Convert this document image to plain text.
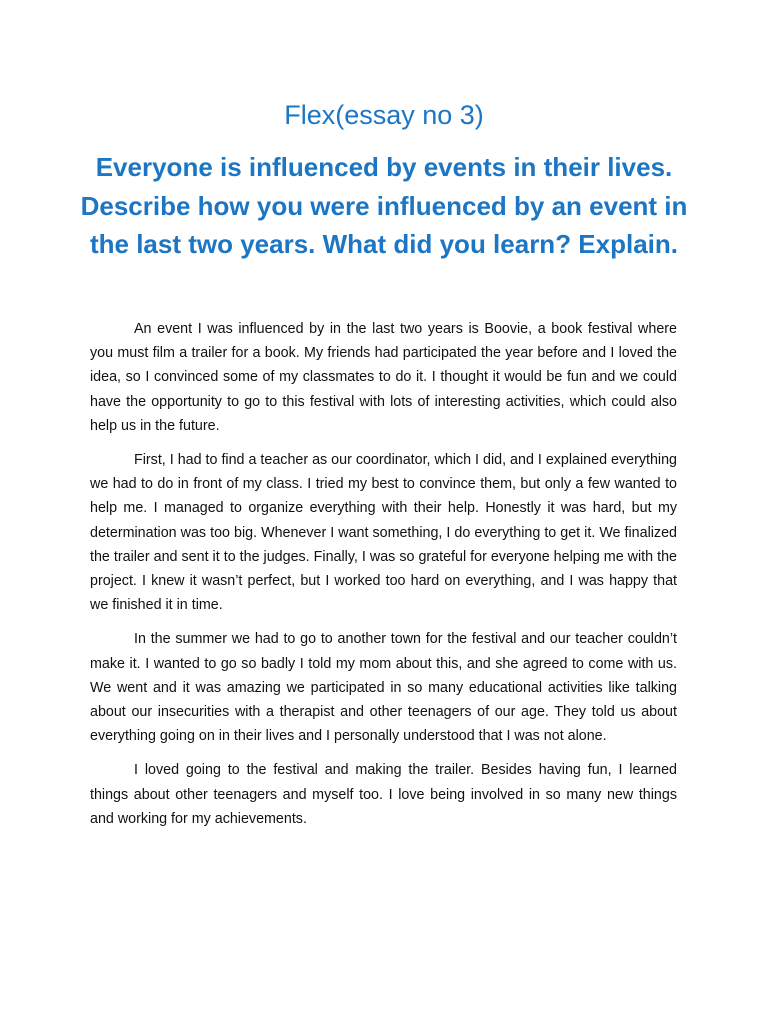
Flex(essay no 3)
Everyone is influenced by events in their lives. Describe how you were influenced by an event in the last two years. What did you learn? Explain.

An event I was influenced by in the last two years is Boovie, a book festival where you must film a trailer for a book. My friends had participated the year before and I loved the idea, so I convinced some of my classmates to do it. I thought it would be fun and we could have the opportunity to go to this festival with lots of interesting activities, which could also help us in the future.

First, I had to find a teacher as our coordinator, which I did, and I explained everything we had to do in front of my class. I tried my best to convince them, but only a few wanted to help me. I managed to organize everything with their help. Honestly it was hard, but my determination was too big. Whenever I want something, I do everything to get it. We finalized the trailer and sent it to the judges. Finally, I was so grateful for everyone helping me with the project. I knew it wasn’t perfect, but I worked too hard on everything, and I was happy that we finished it in time.

In the summer we had to go to another town for the festival and our teacher couldn’t make it. I wanted to go so badly I told my mom about this, and she agreed to come with us. We went and it was amazing we participated in so many educational activities like talking about our insecurities with a therapist and other teenagers of our age. They told us about everything going on in their lives and I personally understood that I was not alone.

I loved going to the festival and making the trailer. Besides having fun, I learned things about other teenagers and myself too. I love being involved in so many new things and working for my achievements.
